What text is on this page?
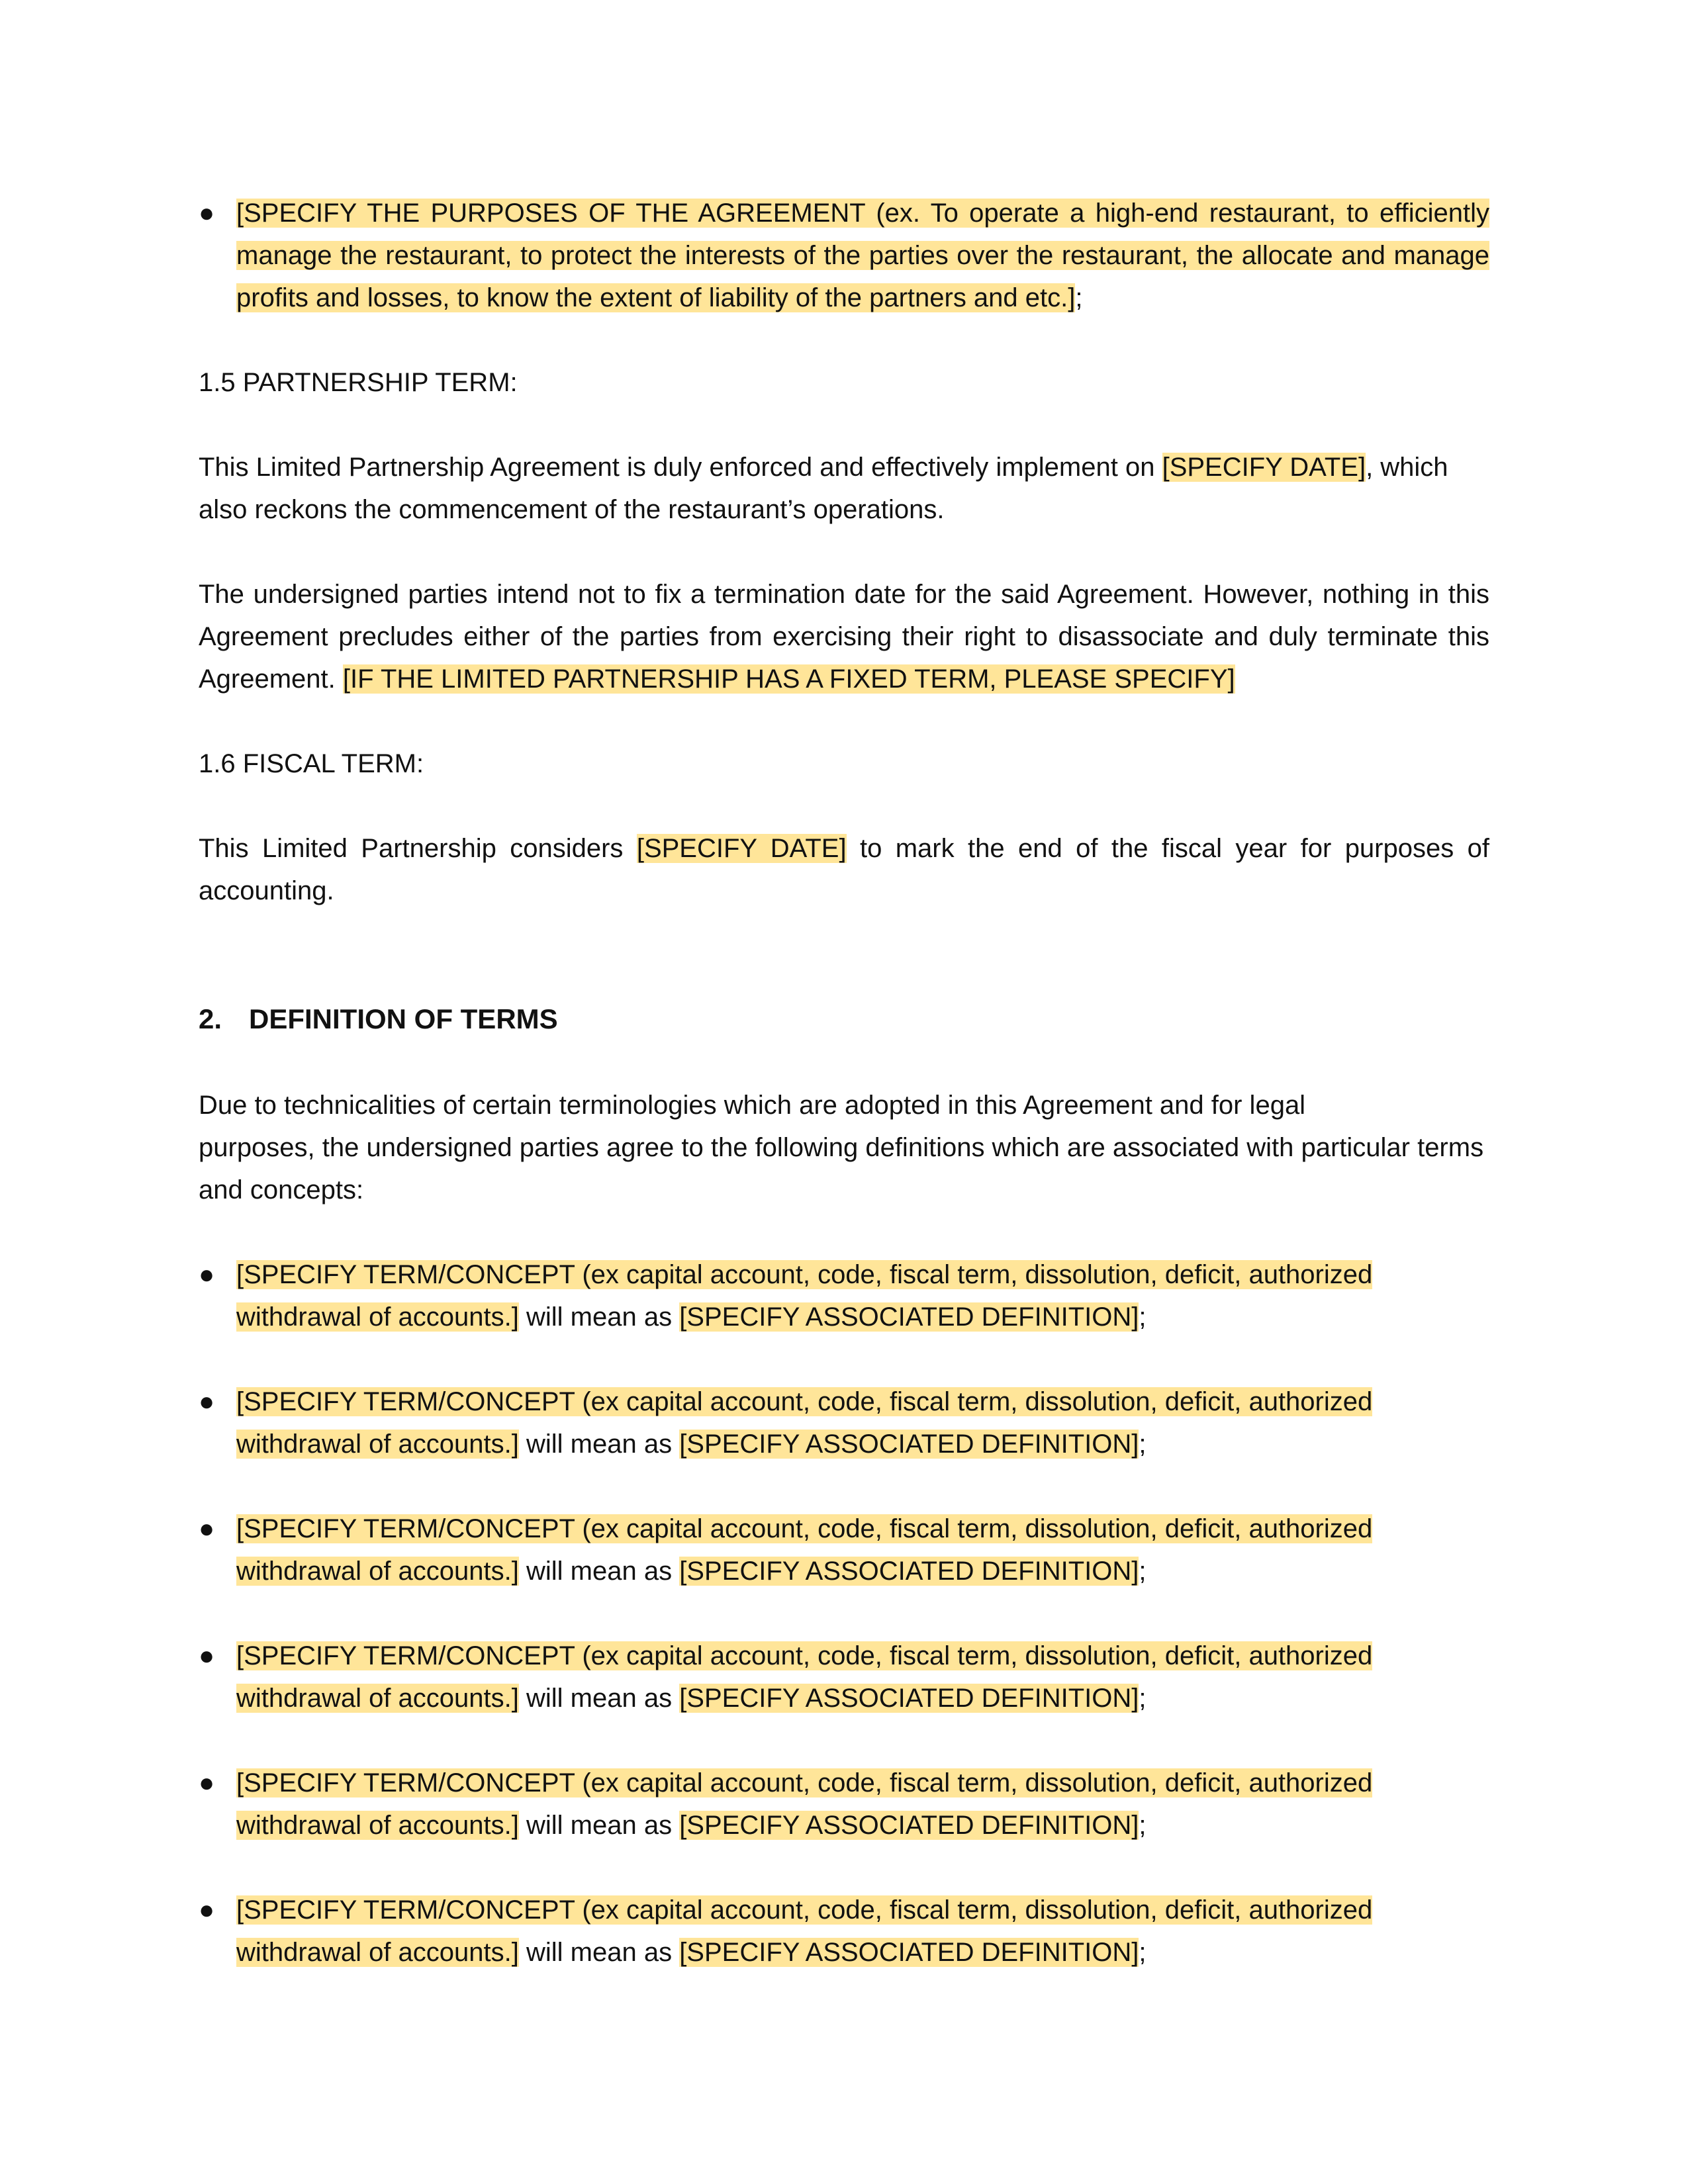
● [SPECIFY THE PURPOSES OF THE AGREEMENT (ex. To operate a high-end restaurant, to efficiently manage the restaurant, to protect the interests of the parties over the restaurant, the allocate and manage profits and losses, to know the extent of liability of the partners and etc.];

1.5 PARTNERSHIP TERM:

This Limited Partnership Agreement is duly enforced and effectively implement on [SPECIFY DATE], which also reckons the commencement of the restaurant’s operations.

The undersigned parties intend not to fix a termination date for the said Agreement. However, nothing in this Agreement precludes either of the parties from exercising their right to disassociate and duly terminate this Agreement. [IF THE LIMITED PARTNERSHIP HAS A FIXED TERM, PLEASE SPECIFY]

1.6 FISCAL TERM:

This Limited Partnership considers [SPECIFY DATE] to mark the end of the fiscal year for purposes of accounting.

2. DEFINITION OF TERMS

Due to technicalities of certain terminologies which are adopted in this Agreement and for legal
purposes, the undersigned parties agree to the following definitions which are associated with particular terms and concepts:

● [SPECIFY TERM/CONCEPT (ex capital account, code, fiscal term, dissolution, deficit, authorized withdrawal of accounts.] will mean as [SPECIFY ASSOCIATED DEFINITION];
● [SPECIFY TERM/CONCEPT (ex capital account, code, fiscal term, dissolution, deficit, authorized withdrawal of accounts.] will mean as [SPECIFY ASSOCIATED DEFINITION];
● [SPECIFY TERM/CONCEPT (ex capital account, code, fiscal term, dissolution, deficit, authorized withdrawal of accounts.] will mean as [SPECIFY ASSOCIATED DEFINITION];
● [SPECIFY TERM/CONCEPT (ex capital account, code, fiscal term, dissolution, deficit, authorized withdrawal of accounts.] will mean as [SPECIFY ASSOCIATED DEFINITION];
● [SPECIFY TERM/CONCEPT (ex capital account, code, fiscal term, dissolution, deficit, authorized withdrawal of accounts.] will mean as [SPECIFY ASSOCIATED DEFINITION];
● [SPECIFY TERM/CONCEPT (ex capital account, code, fiscal term, dissolution, deficit, authorized withdrawal of accounts.] will mean as [SPECIFY ASSOCIATED DEFINITION];
